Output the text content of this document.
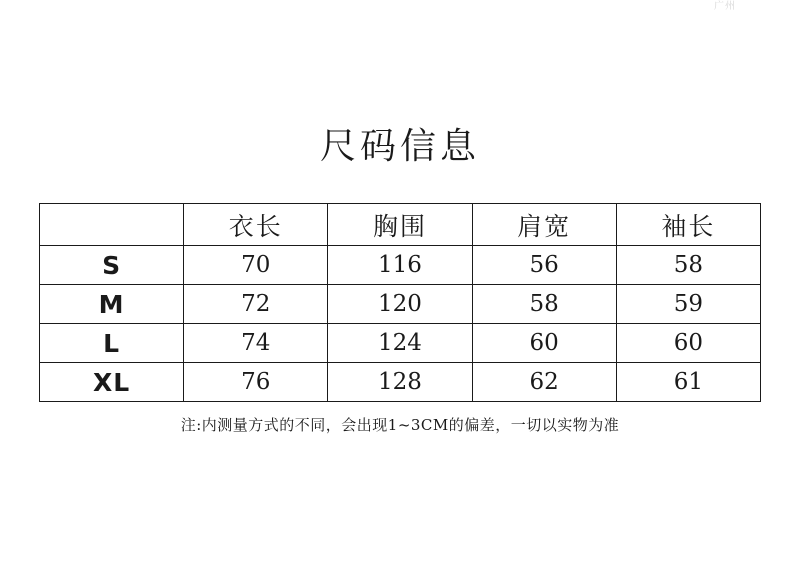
广州
尺码信息
	衣长	胸围	肩宽	袖长
S	70	116	56	58
M	72	120	58	59
L	74	124	60	60
XL	76	128	62	61
注:内测量方式的不同，会出现1~3CM的偏差，一切以实物为准
